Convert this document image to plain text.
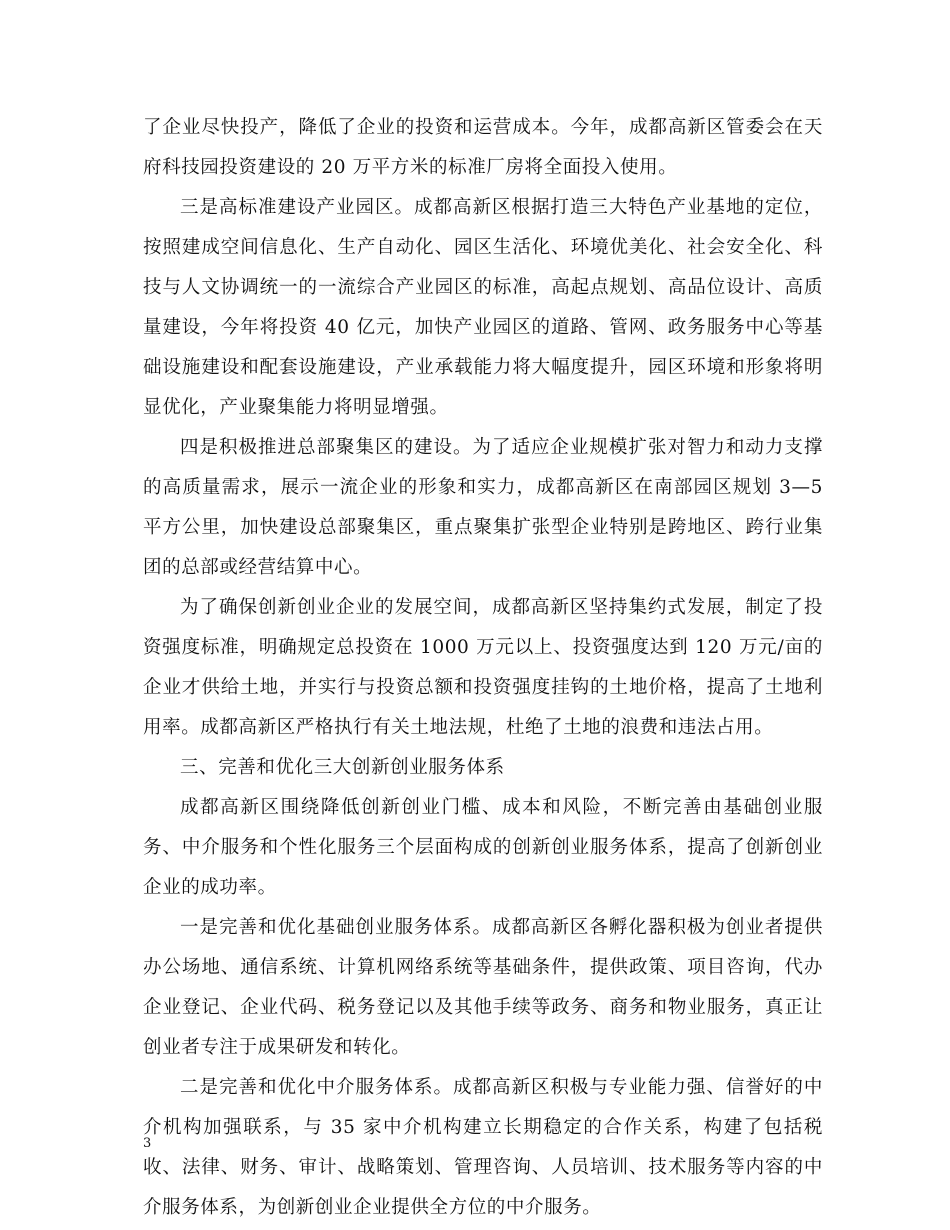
了企业尽快投产，降低了企业的投资和运营成本。今年，成都高新区管委会在天府科技园投资建设的 20 万平方米的标准厂房将全面投入使用。

三是高标准建设产业园区。成都高新区根据打造三大特色产业基地的定位，按照建成空间信息化、生产自动化、园区生活化、环境优美化、社会安全化、科技与人文协调统一的一流综合产业园区的标准，高起点规划、高品位设计、高质量建设，今年将投资 40 亿元，加快产业园区的道路、管网、政务服务中心等基础设施建设和配套设施建设，产业承载能力将大幅度提升，园区环境和形象将明显优化，产业聚集能力将明显增强。

四是积极推进总部聚集区的建设。为了适应企业规模扩张对智力和动力支撑的高质量需求，展示一流企业的形象和实力，成都高新区在南部园区规划 3—5 平方公里，加快建设总部聚集区，重点聚集扩张型企业特别是跨地区、跨行业集团的总部或经营结算中心。

为了确保创新创业企业的发展空间，成都高新区坚持集约式发展，制定了投资强度标准，明确规定总投资在 1000 万元以上、投资强度达到 120 万元/亩的企业才供给土地，并实行与投资总额和投资强度挂钩的土地价格，提高了土地利用率。成都高新区严格执行有关土地法规，杜绝了土地的浪费和违法占用。

三、完善和优化三大创新创业服务体系

成都高新区围绕降低创新创业门槛、成本和风险，不断完善由基础创业服务、中介服务和个性化服务三个层面构成的创新创业服务体系，提高了创新创业企业的成功率。

一是完善和优化基础创业服务体系。成都高新区各孵化器积极为创业者提供办公场地、通信系统、计算机网络系统等基础条件，提供政策、项目咨询，代办企业登记、企业代码、税务登记以及其他手续等政务、商务和物业服务，真正让创业者专注于成果研发和转化。

二是完善和优化中介服务体系。成都高新区积极与专业能力强、信誉好的中介机构加强联系，与 35 家中介机构建立长期稳定的合作关系，构建了包括税收、法律、财务、审计、战略策划、管理咨询、人员培训、技术服务等内容的中介服务体系，为创新创业企业提供全方位的中介服务。

3
